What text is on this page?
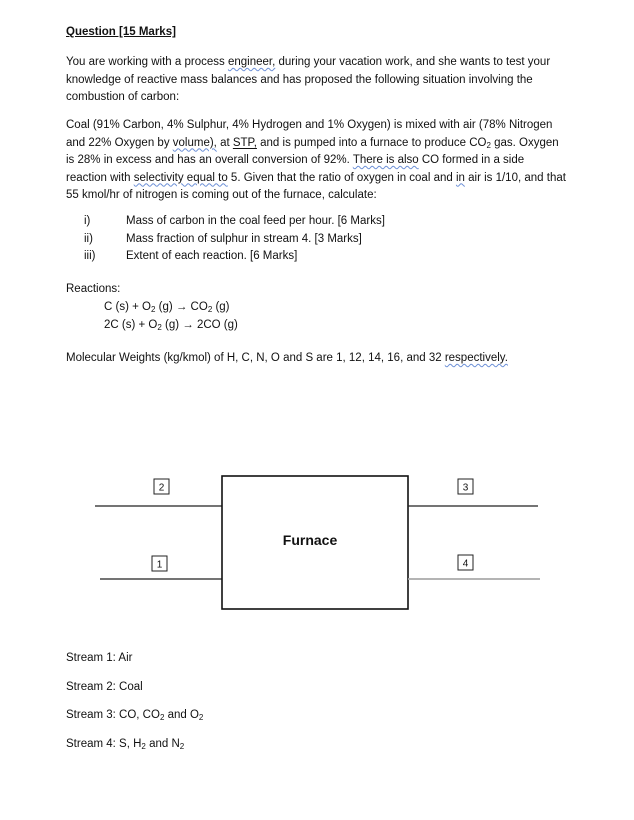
Question [15 Marks]
You are working with a process engineer, during your vacation work, and she wants to test your knowledge of reactive mass balances and has proposed the following situation involving the combustion of carbon:
Coal (91% Carbon, 4% Sulphur, 4% Hydrogen and 1% Oxygen) is mixed with air (78% Nitrogen and 22% Oxygen by volume), at STP, and is pumped into a furnace to produce $CO_2$ gas. Oxygen is 28% in excess and has an overall conversion of 92%. There is also CO formed in a side reaction with selectivity equal to 5. Given that the ratio of oxygen in coal and in air is 1/10, and that 55 kmol/hr of nitrogen is coming out of the furnace, calculate:
i)	Mass of carbon in the coal feed per hour. [6 Marks]
ii)	Mass fraction of sulphur in stream 4. [3 Marks]
iii)	Extent of each reaction. [6 Marks]
Reactions:
C $(s) + O_2$ $(g) \to CO_2$ (g)
2C $(s) + O_2$ (g) → 2CO (g)
Molecular Weights (kg/kmol) of H, C, N, O and S are 1, 12, 14, 16, and 32 respectively.
Furnace
2
1
3
4
Stream 1: Air
Stream 2: Coal
Stream 3: CO, $CO_2$ and $O_2$
Stream 4: S, $H_2$ and $N_2$
